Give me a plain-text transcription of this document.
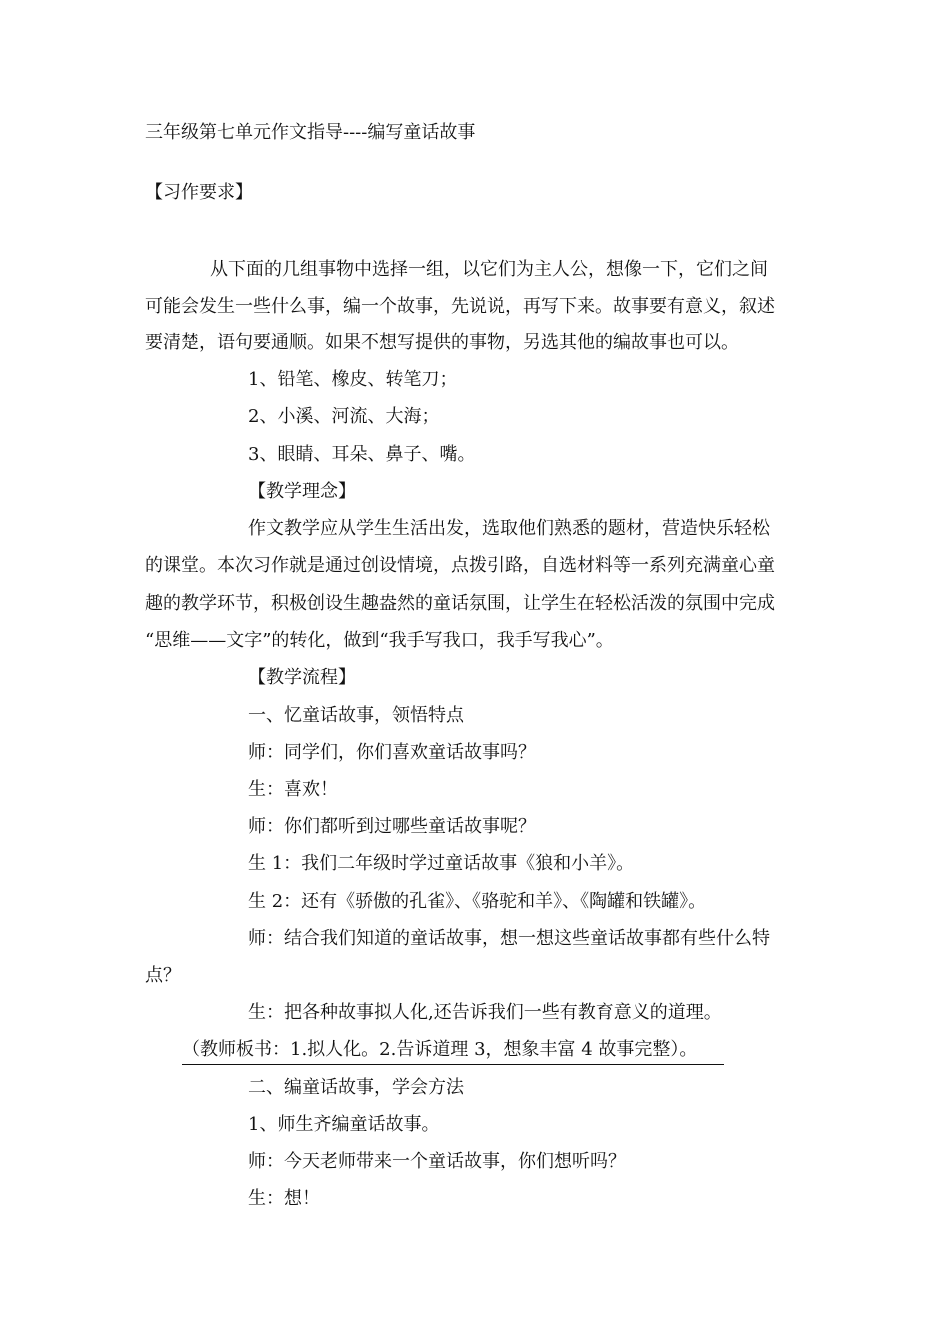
三年级第七单元作文指导----编写童话故事
【习作要求】
从下面的几组事物中选择一组，以它们为主人公，想像一下，它们之间
可能会发生一些什么事，编一个故事，先说说，再写下来。故事要有意义，叙述
要清楚，语句要通顺。如果不想写提供的事物，另选其他的编故事也可以。
1、铅笔、橡皮、转笔刀；
2、小溪、河流、大海；
3、眼睛、耳朵、鼻子、嘴。
【教学理念】
作文教学应从学生生活出发，选取他们熟悉的题材，营造快乐轻松
的课堂。本次习作就是通过创设情境，点拨引路，自选材料等一系列充满童心童
趣的教学环节，积极创设生趣盎然的童话氛围，让学生在轻松活泼的氛围中完成
“思维——文字”的转化，做到“我手写我口，我手写我心”。
【教学流程】
一、忆童话故事，领悟特点
师：同学们，你们喜欢童话故事吗？
生：喜欢！
师：你们都听到过哪些童话故事呢？
生 1：我们二年级时学过童话故事《狼和小羊》。
生 2：还有《骄傲的孔雀》、《骆驼和羊》、《陶罐和铁罐》。
师：结合我们知道的童话故事，想一想这些童话故事都有些什么特
点？
生：把各种故事拟人化,还告诉我们一些有教育意义的道理。
（教师板书：1.拟人化。2.告诉道理 3，想象丰富 4 故事完整）。
二、编童话故事，学会方法
1、师生齐编童话故事。
师：今天老师带来一个童话故事，你们想听吗？
生：想！
